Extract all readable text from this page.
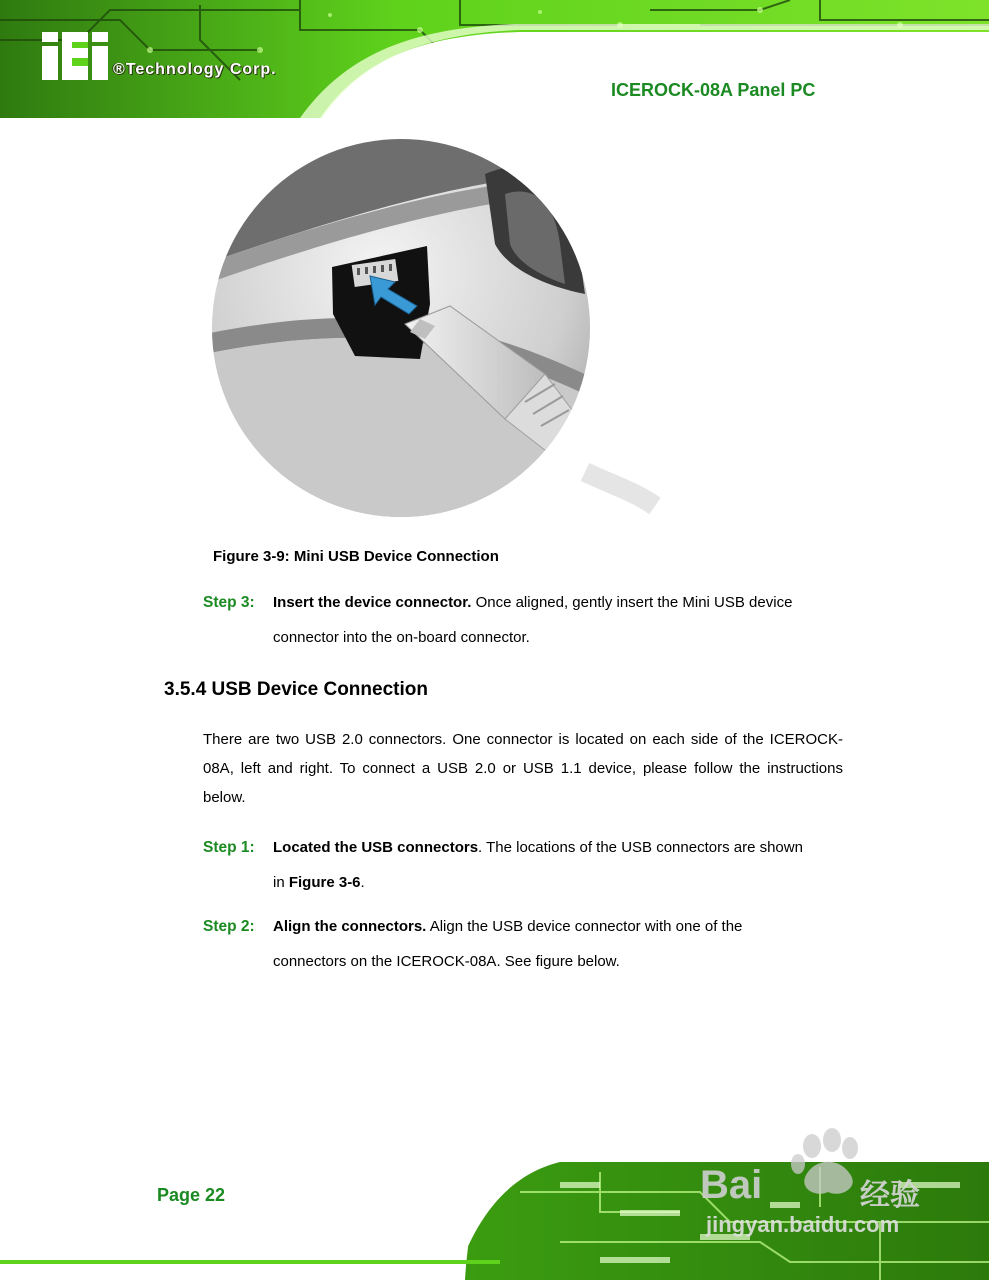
®Technology Corp.
ICEROCK-08A Panel PC
Figure 3-9: Mini USB Device Connection
Step 3: Insert the device connector. Once aligned, gently insert the Mini USB device
connector into the on-board connector.
3.5.4 USB Device Connection
There are two USB 2.0 connectors. One connector is located on each side of the ICEROCK-08A, left and right. To connect a USB 2.0 or USB 1.1 device, please follow the instructions below.
Step 1: Located the USB connectors. The locations of the USB connectors are shown
in Figure 3-6.
Step 2: Align the connectors. Align the USB device connector with one of the
connectors on the ICEROCK-08A. See figure below.
Page 22	Bai	经验
jingyan.baidu.com
